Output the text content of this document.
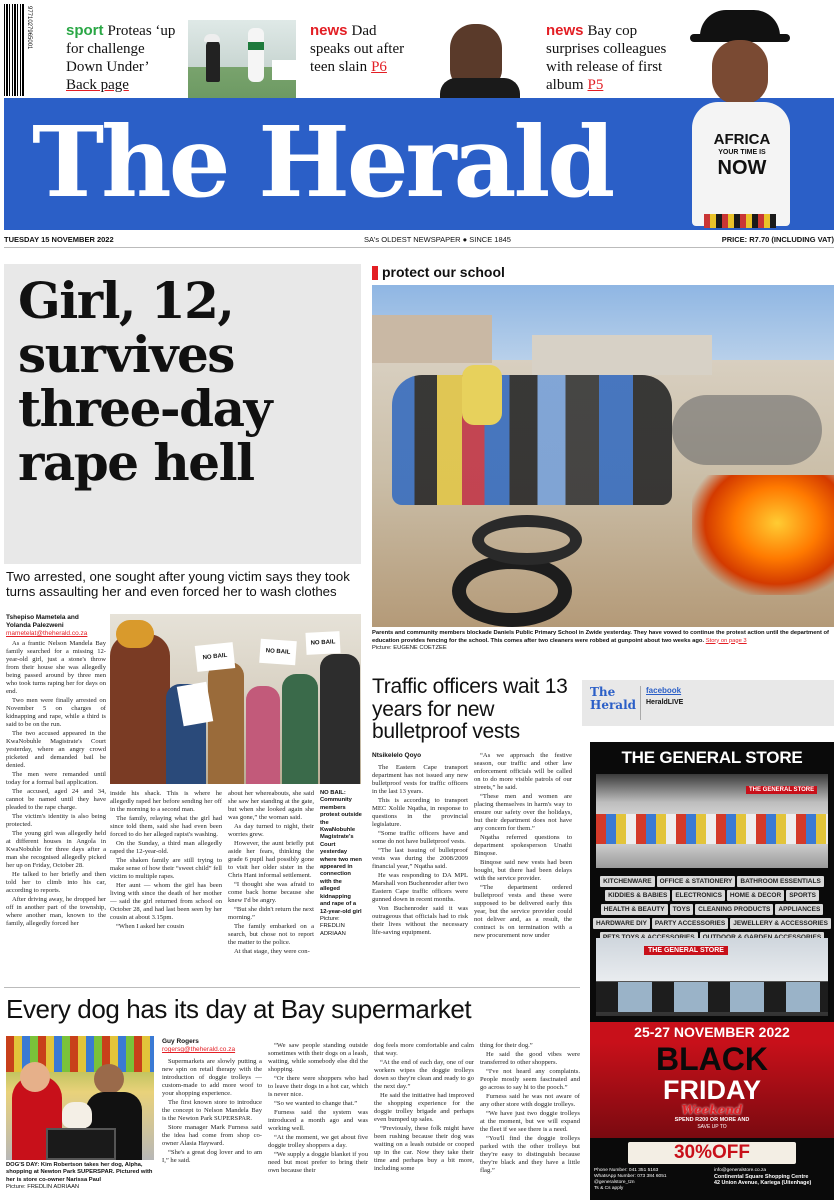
9771027965001 sport Proteas ‘up for challenge Down Under’ Back page
news Dad speaks out after teen slain P6
news Bay cop surprises colleagues with release of first album P5
The Herald	AFRICA
YOUR TIME IS
NOW
TUESDAY 15 NOVEMBER 2022	SA's OLDEST NEWSPAPER ● SINCE 1845	PRICE: R7.70 (INCLUDING VAT)
Girl, 12, survives three-day rape hell
Two arrested, one sought after young victim says they took turns assaulting her and even forced her to wash clothes
Tshepiso Mametela and
Yolanda Palezweni
mametelat@theherald.co.za

As a frantic Nelson Mandela Bay family searched for a missing 12-year-old girl, just a stone's throw from their house she was allegedly being passed around by three men who took turns raping her for days on end.

Two men were finally arrested on November 5 on charges of kidnapping and rape, while a third is said to be on the run.

The two accused appeared in the KwaNobuhle Magistrate's Court yesterday, where an angry crowd picketed and demanded bail be denied.

The men were remanded until today for a formal bail application.

The accused, aged 24 and 34, cannot be named until they have pleaded to the rape charge.

The victim's identity is also being protected.

The young girl was allegedly held at different houses in Angola in KwaNobuhle for three days after a man she recognised allegedly picked her up on Friday, October 28.

He talked to her briefly and then told her to climb into his car, according to reports.

After driving away, he dropped her off in another part of the township, where another man, known to the family, allegedly forced her

NO BAIL
NO BAIL
NO BAIL

inside his shack. This is where he allegedly raped her before sending her off in the morning to a second man.

The family, relaying what the girl had since told them, said she had even been forced to do her alleged rapist's washing.

On the Sunday, a third man allegedly raped the 12-year-old.

The shaken family are still trying to make sense of how their “sweet child” fell victim to multiple rapes.

Her aunt — whom the girl has been living with since the death of her mother — said the girl returned from school on October 28, and had last been seen by her cousin at about 3.15pm.

“When I asked her cousin

about her whereabouts, she said she saw her standing at the gate, but when she looked again she was gone,” the woman said.

As day turned to night, their worries grew.

However, the aunt briefly put aside her fears, thinking the grade 6 pupil had possibly gone to visit her older sister in the Chris Hani informal settlement.

“I thought she was afraid to come back home because she knew I'd be angry.

“But she didn't return the next morning.”

The family embarked on a search, but chose not to report the matter to the police.

At that stage, they were con-

NO BAIL:
Community members protest outside the KwaNobuhle Magistrate's Court yesterday where two men appeared in connection with the alleged kidnapping and rape of a 12-year-old girl
Picture: FREDLIN ADRIAAN
protect our school
Parents and community members blockade Daniels Public Primary School in Zwide yesterday. They have vowed to continue the protest action until the department of education provides fencing for the school. This comes after two cleaners were robbed at gunpoint about two weeks ago. Story on page 3
Picture: EUGENE COETZEE
Traffic officers wait 13 years for new bulletproof vests
Ntsikelelo Qoyo

The Eastern Cape transport department has not issued any new bulletproof vests for traffic officers in the last 13 years.

This is according to transport MEC Xolile Nqatha, in response to questions in the provincial legislature.

“Some traffic officers have and some do not have bulletproof vests.

“The last issuing of bulletproof vests was during the 2008/2009 financial year,” Nqatha said.

He was responding to DA MPL Marshall von Buchenroder after two Eastern Cape traffic officers were gunned down in recent months.

Von Buchenroder said it was outrageous that officials had to risk their lives without the necessary life-saving equipment.

“As we approach the festive season, our traffic and other law enforcement officials will be called on to do more visible patrols of our streets,” he said.

“These men and women are placing themselves in harm's way to ensure our safety over the holidays, but their department does not have any concern for them.”

Nqatha referred questions to department spokesperson Unathi Binqose.

Binqose said new vests had been bought, but there had been delays with the service provider.

“The department ordered bulletproof vests and these were supposed to be delivered early this year, but the service provider could not deliver and, as a result, the contract is on termination with a new procurement now under

The Herald
facebook
HeraldLIVE
THE GENERAL STORE
THE GENERAL STORE
KITCHENWARE OFFICE & STATIONERY BATHROOM ESSENTIALS
KIDDIES & BABIES ELECTRONICS HOME & DECOR SPORTS
HEALTH & BEAUTY TOYS CLEANING PRODUCTS APPLIANCES
HARDWARE DIY PARTY ACCESSORIES JEWELLERY & ACCESSORIES
THE GENERAL STORE
25-27 NOVEMBER 2022
BLACK
FRIDAY
Weekend
SPEND R200 OR MORE AND
SAVE UP TO
30%OFF
Phone Number: 041 351 5163
WhatsApp Number: 073 384 6051
@generalstore_tzn
Ts & Cs apply
info@generalstore.co.za
Continental Square Shopping Centre
42 Union Avenue, Kariega (Uitenhage)
Every dog has its day at Bay supermarket
DOG'S DAY: Kim Robertson takes her dog, Alpha, shopping at Newton Park SUPERSPAR. Pictured with her is store co-owner Narissa Paul
Picture: FREDLIN ADRIAAN
Guy Rogers
rogersg@theherald.co.za

Supermarkets are slowly putting a new spin on retail therapy with the introduction of doggie trolleys — custom-made to add more woof to your shopping experience.

The first known store to introduce the concept to Nelson Mandela Bay is the Newton Park SUPERSPAR.

Store manager Mark Furness said the idea had come from shop co-owner Alasia Hayward.

“She's a great dog lover and to am I,” he said.

“We saw people standing outside sometimes with their dogs on a leash, waiting, while somebody else did the shopping.

“Or there were shoppers who had to leave their dogs in a hot car, which is never nice.

“So we wanted to change that.”

Furness said the system was introduced a month ago and was working well.

“At the moment, we get about five doggie trolley shoppers a day.

“We supply a doggie blanket if you need but most prefer to bring their own because their

dog feels more comfortable and calm that way.

“At the end of each day, one of our workers wipes the doggie trolleys down so they're clean and ready to go the next day.”

He said the initiative had improved the shopping experience for the doggie trolley brigade and perhaps even bumped up sales.

“Previously, these folk might have been rushing because their dog was waiting on a leash outside or cooped up in the car. Now they take their time and perhaps buy a bit more, including some

thing for their dog.”

He said the good vibes were transferred to other shoppers.

“I've not heard any complaints. People mostly seem fascinated and go across to say hi to the pooch.”

Furness said he was not aware of any other store with doggie trolleys.

“We have just two doggie trolleys at the moment, but we will expand the fleet if we see there is a need.

“You'll find the doggie trolleys parked with the other trolleys but they're easy to distinguish because they're black and they have a little flag.”
